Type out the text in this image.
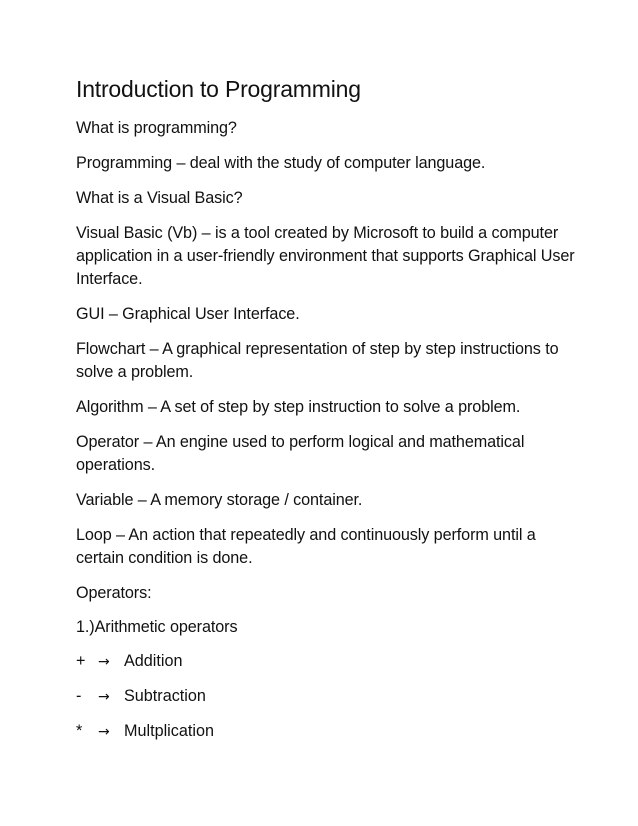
Introduction to Programming
What is programming?
Programming – deal with the study of computer language.
What is a Visual Basic?
Visual Basic (Vb) – is a tool created by Microsoft to build a computer application in a user-friendly environment that supports Graphical User Interface.
GUI – Graphical User Interface.
Flowchart – A graphical representation of step by step instructions to solve a problem.
Algorithm – A set of step by step instruction to solve a problem.
Operator – An engine used to perform logical and mathematical operations.
Variable – A memory storage / container.
Loop – An action that repeatedly and continuously perform until a certain condition is done.
Operators:
1.)Arithmetic operators
+ → Addition
- → Subtraction
* → Multplication
